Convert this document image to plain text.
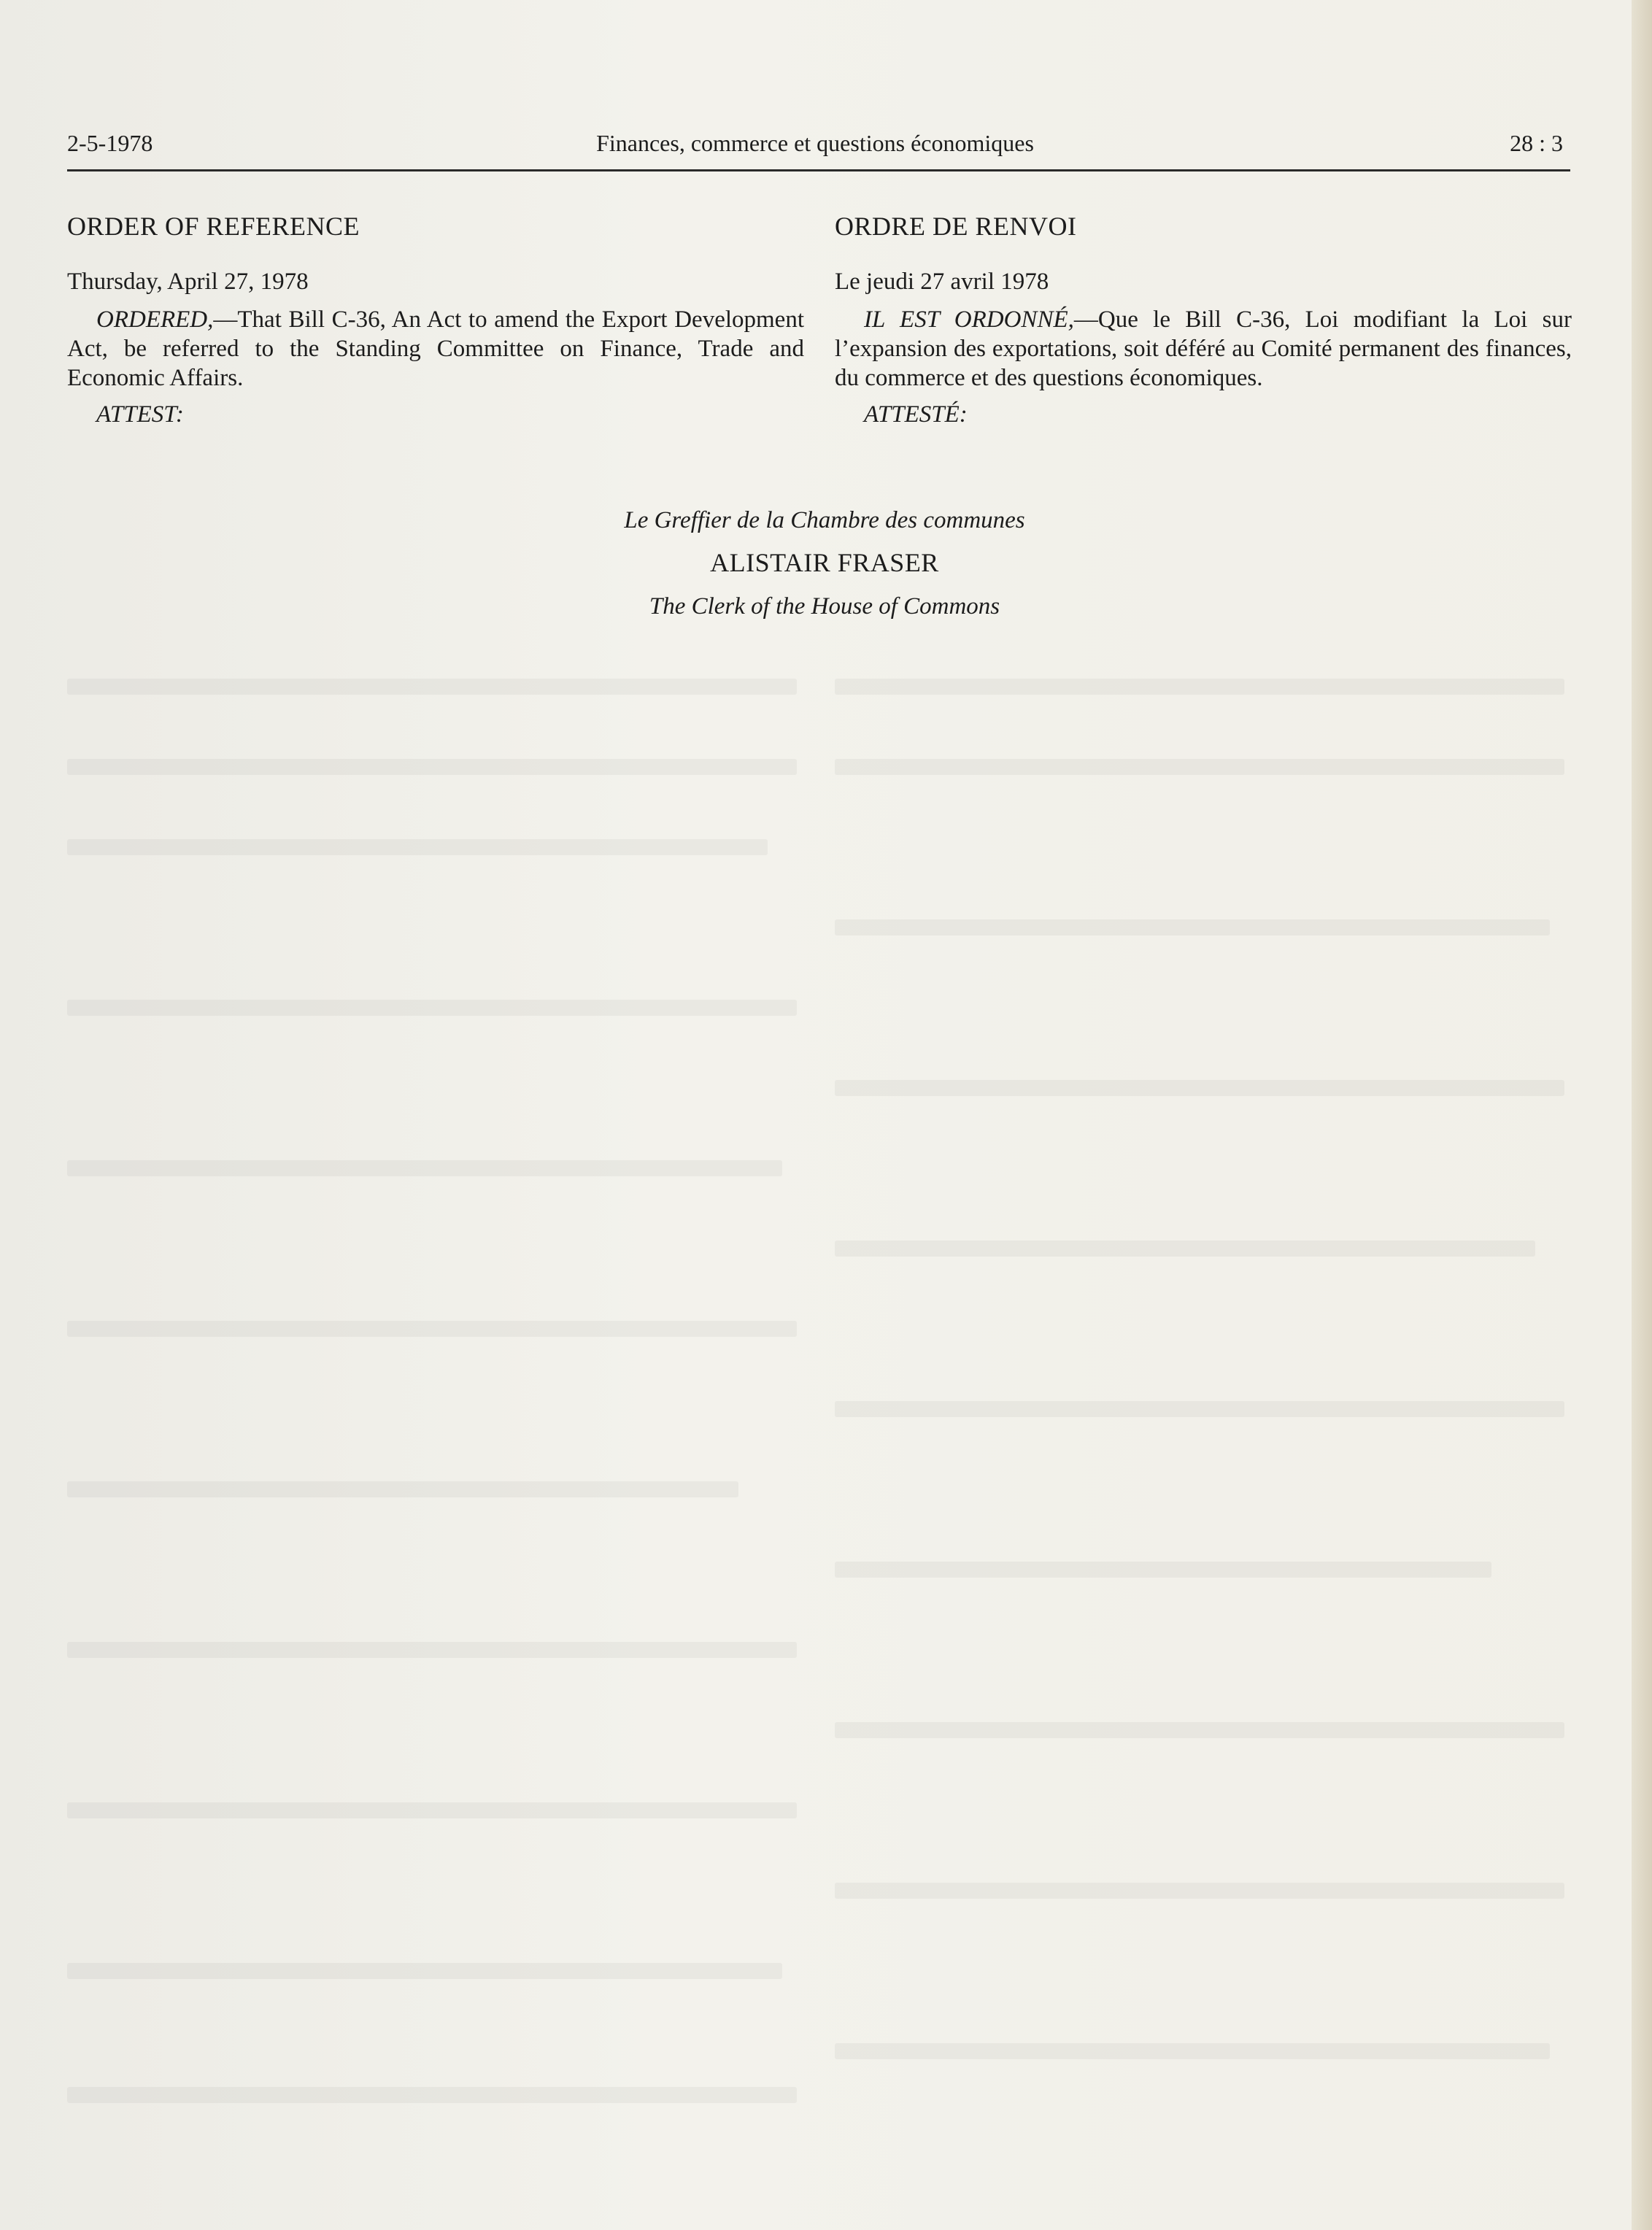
2-5-1978	Finances, commerce et questions économiques	28 : 3
ORDER OF REFERENCE

Thursday, April 27, 1978

ORDERED,—That Bill C-36, An Act to amend the Export Development Act, be referred to the Standing Committee on Finance, Trade and Economic Affairs.

ATTEST:

ORDRE DE RENVOI

Le jeudi 27 avril 1978

IL EST ORDONNÉ,—Que le Bill C-36, Loi modifiant la Loi sur l’expansion des exportations, soit déféré au Comité permanent des finances, du commerce et des questions économiques.

ATTESTÉ:

Le Greffier de la Chambre des communes
ALISTAIR FRASER
The Clerk of the House of Commons
